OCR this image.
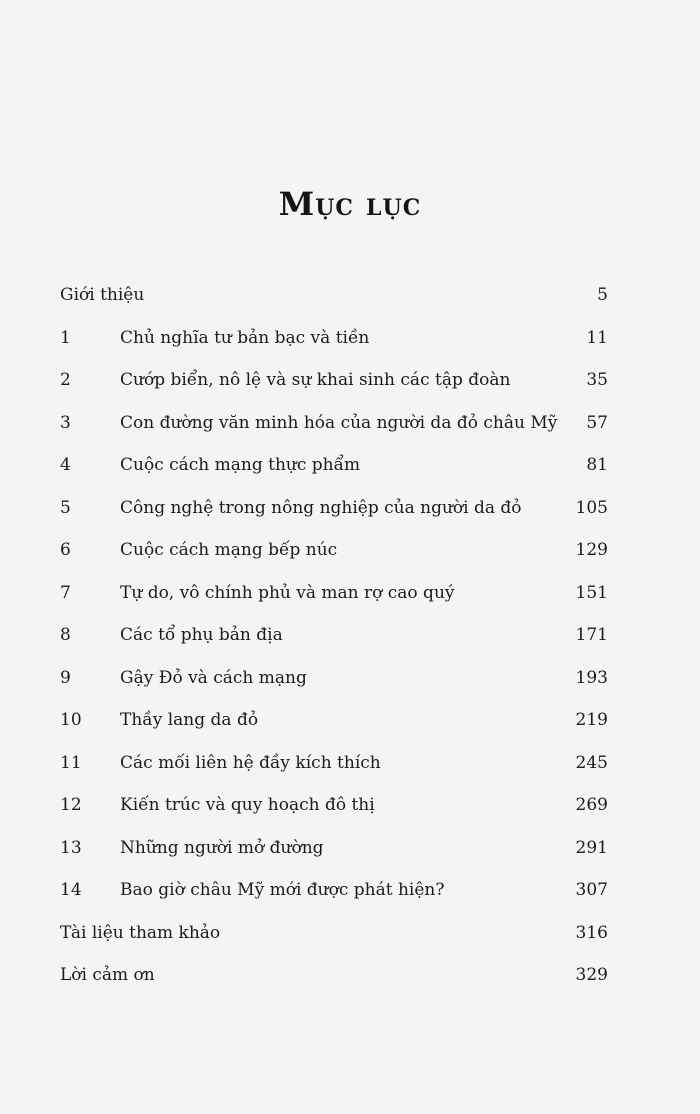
Mục lục
Giới thiệu	5
1	Chủ nghĩa tư bản bạc và tiền	11
2	Cướp biển, nô lệ và sự khai sinh các tập đoàn	35
3	Con đường văn minh hóa của người da đỏ châu Mỹ 57
4	Cuộc cách mạng thực phẩm	81
5	Công nghệ trong nông nghiệp của người da đỏ	105
6	Cuộc cách mạng bếp núc	129
7	Tự do, vô chính phủ và man rợ cao quý	151
8	Các tổ phụ bản địa	171
9	Gậy Đỏ và cách mạng	193
10 Thầy lang da đỏ	219
11 Các mối liên hệ đầy kích thích	245
12 Kiến trúc và quy hoạch đô thị	269
13 Những người mở đường	291
14 Bao giờ châu Mỹ mới được phát hiện?	307
Tài liệu tham khảo	316
Lời cảm ơn	329
